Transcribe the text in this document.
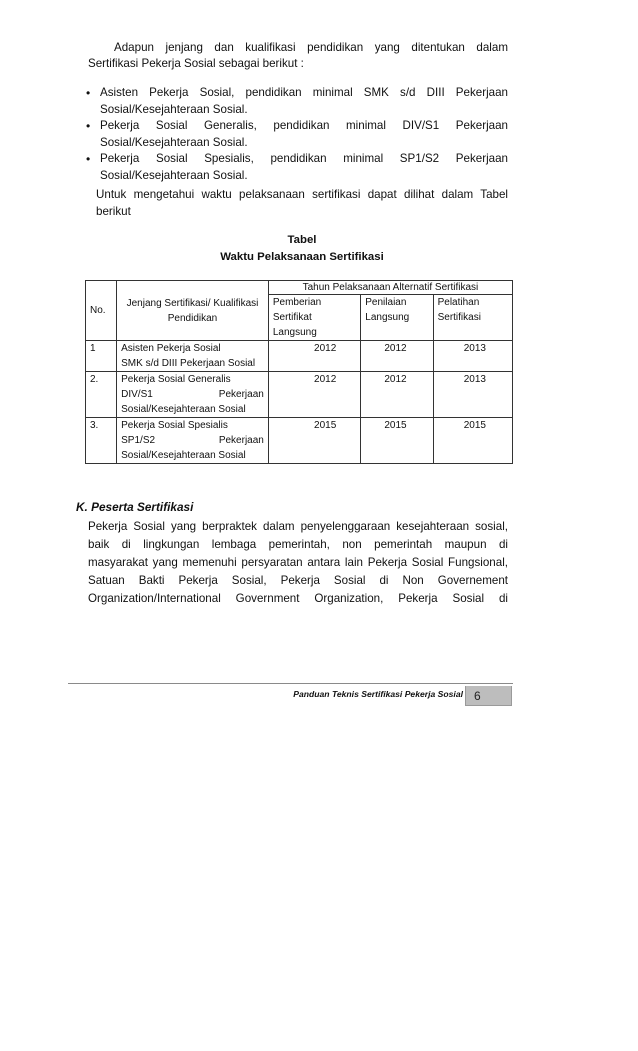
Adapun jenjang dan kualifikasi pendidikan yang ditentukan dalam
Sertifikasi Pekerja Sosial sebagai berikut :
• Asisten Pekerja Sosial, pendidikan minimal SMK s/d DIII Pekerjaan
Sosial/Kesejahteraan Sosial.
• Pekerja Sosial Generalis, pendidikan minimal DIV/S1 Pekerjaan
Sosial/Kesejahteraan Sosial.
• Pekerja Sosial Spesialis, pendidikan minimal SP1/S2 Pekerjaan
Sosial/Kesejahteraan Sosial.
Untuk mengetahui waktu pelaksanaan sertifikasi dapat dilihat dalam Tabel
berikut
Tabel
Waktu Pelaksanaan Sertifikasi
No.	Jenjang Sertifikasi/ Kualifikasi Pendidikan	Tahun Pelaksanaan Alternatif Sertifikasi		
		Pemberian Sertifikat Langsung	Penilaian Langsung	Pelatihan Sertifikasi
1	Asisten Pekerja Sosial
SMK s/d DIII Pekerjaan Sosial	2012	2012	2013
2.	Pekerja Sosial Generalis
DIV/S1 Pekerjaan
Sosial/Kesejahteraan Sosial	2012	2012	2013
3.	Pekerja Sosial Spesialis
SP1/S2 Pekerjaan
Sosial/Kesejahteraan Sosial	2015	2015	2015
K. Peserta Sertifikasi
Pekerja Sosial yang berpraktek dalam penyelenggaraan kesejahteraan sosial,
baik di lingkungan lembaga pemerintah, non pemerintah maupun di
masyarakat yang memenuhi persyaratan antara lain Pekerja Sosial Fungsional,
Satuan Bakti Pekerja Sosial, Pekerja Sosial di Non Governement
Organization/International Government Organization, Pekerja Sosial di
Panduan Teknis Sertifikasi Pekerja Sosial 6
